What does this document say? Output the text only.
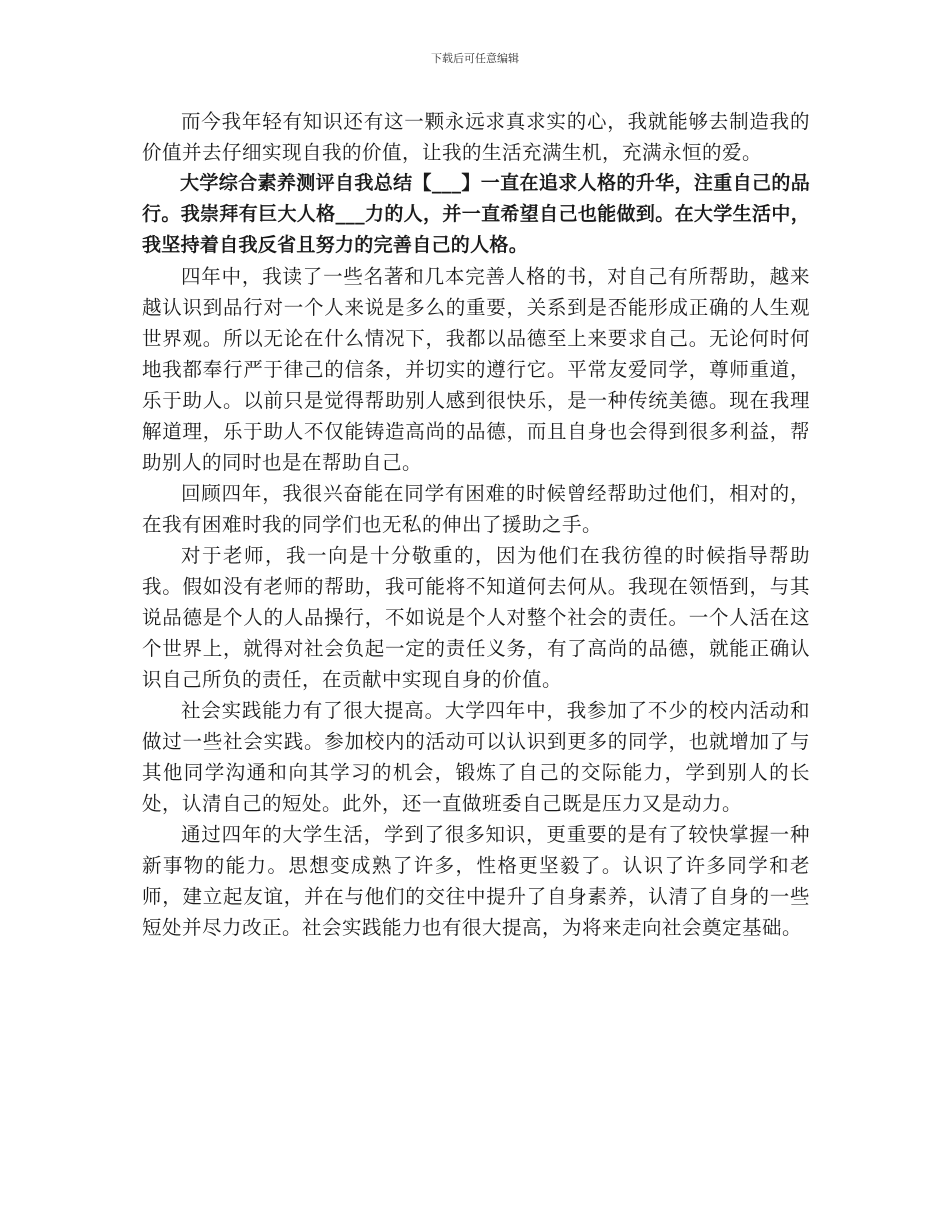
下载后可任意编辑

而今我年轻有知识还有这一颗永远求真求实的心，我就能够去制造我的价值并去仔细实现自我的价值，让我的生活充满生机，充满永恒的爱。

大学综合素养测评自我总结【___】一直在追求人格的升华，注重自己的品行。我崇拜有巨大人格___力的人，并一直希望自己也能做到。在大学生活中，我坚持着自我反省且努力的完善自己的人格。

四年中，我读了一些名著和几本完善人格的书，对自己有所帮助，越来越认识到品行对一个人来说是多么的重要，关系到是否能形成正确的人生观世界观。所以无论在什么情况下，我都以品德至上来要求自己。无论何时何地我都奉行严于律己的信条，并切实的遵行它。平常友爱同学，尊师重道，乐于助人。以前只是觉得帮助别人感到很快乐，是一种传统美德。现在我理解道理，乐于助人不仅能铸造高尚的品德，而且自身也会得到很多利益，帮助别人的同时也是在帮助自己。

回顾四年，我很兴奋能在同学有困难的时候曾经帮助过他们，相对的，在我有困难时我的同学们也无私的伸出了援助之手。

对于老师，我一向是十分敬重的，因为他们在我彷徨的时候指导帮助我。假如没有老师的帮助，我可能将不知道何去何从。我现在领悟到，与其说品德是个人的人品操行，不如说是个人对整个社会的责任。一个人活在这个世界上，就得对社会负起一定的责任义务，有了高尚的品德，就能正确认识自己所负的责任，在贡献中实现自身的价值。

社会实践能力有了很大提高。大学四年中，我参加了不少的校内活动和做过一些社会实践。参加校内的活动可以认识到更多的同学，也就增加了与其他同学沟通和向其学习的机会，锻炼了自己的交际能力，学到别人的长处，认清自己的短处。此外，还一直做班委自己既是压力又是动力。

通过四年的大学生活，学到了很多知识，更重要的是有了较快掌握一种新事物的能力。思想变成熟了许多，性格更坚毅了。认识了许多同学和老师，建立起友谊，并在与他们的交往中提升了自身素养，认清了自身的一些短处并尽力改正。社会实践能力也有很大提高，为将来走向社会奠定基础。
